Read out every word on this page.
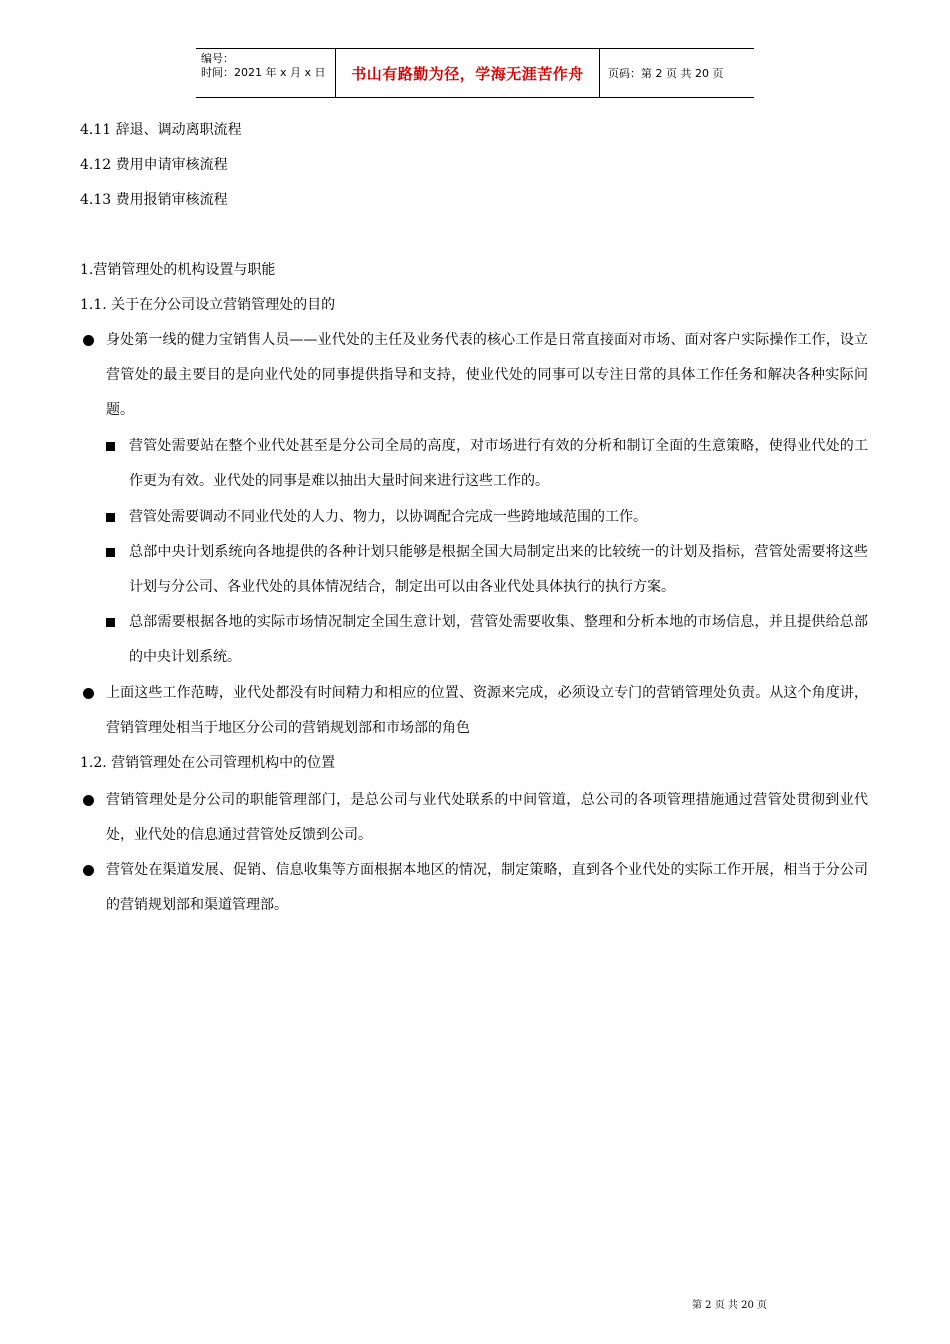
编号：
时间：2021 年 x 月 x 日	书山有路勤为径，学海无涯苦作舟	页码：第 2 页 共 20 页
4.11 辞退、调动离职流程
4.12 费用申请审核流程
4.13 费用报销审核流程
1.营销管理处的机构设置与职能
1.1. 关于在分公司设立营销管理处的目的
身处第一线的健力宝销售人员——业代处的主任及业务代表的核心工作是日常直接面对市场、面对客户实际操作工作，设立营管处的最主要目的是向业代处的同事提供指导和支持，使业代处的同事可以专注日常的具体工作任务和解决各种实际问题。
营管处需要站在整个业代处甚至是分公司全局的高度，对市场进行有效的分析和制订全面的生意策略，使得业代处的工作更为有效。业代处的同事是难以抽出大量时间来进行这些工作的。
营管处需要调动不同业代处的人力、物力，以协调配合完成一些跨地域范围的工作。
总部中央计划系统向各地提供的各种计划只能够是根据全国大局制定出来的比较统一的计划及指标，营管处需要将这些计划与分公司、各业代处的具体情况结合，制定出可以由各业代处具体执行的执行方案。
总部需要根据各地的实际市场情况制定全国生意计划，营管处需要收集、整理和分析本地的市场信息，并且提供给总部的中央计划系统。
上面这些工作范畴，业代处都没有时间精力和相应的位置、资源来完成，必须设立专门的营销管理处负责。从这个角度讲，营销管理处相当于地区分公司的营销规划部和市场部的角色
1.2. 营销管理处在公司管理机构中的位置
营销管理处是分公司的职能管理部门，是总公司与业代处联系的中间管道，总公司的各项管理措施通过营管处贯彻到业代处，业代处的信息通过营管处反馈到公司。
营管处在渠道发展、促销、信息收集等方面根据本地区的情况，制定策略，直到各个业代处的实际工作开展，相当于分公司的营销规划部和渠道管理部。
第 2 页 共 20 页
